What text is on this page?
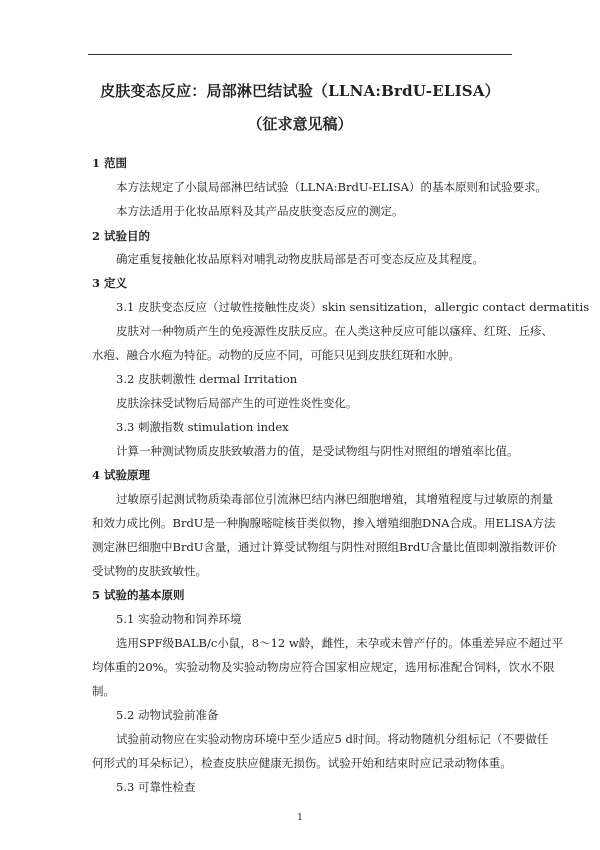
皮肤变态反应：局部淋巴结试验（LLNA:BrdU-ELISA）
（征求意见稿）
1 范围
本方法规定了小鼠局部淋巴结试验（LLNA:BrdU-ELISA）的基本原则和试验要求。
本方法适用于化妆品原料及其产品皮肤变态反应的测定。
2 试验目的
确定重复接触化妆品原料对哺乳动物皮肤局部是否可变态反应及其程度。
3 定义
3.1 皮肤变态反应（过敏性接触性皮炎）skin sensitization，allergic contact dermatitis
皮肤对一种物质产生的免疫源性皮肤反应。在人类这种反应可能以瘙痒、红斑、丘疹、
水疱、融合水疱为特征。动物的反应不同，可能只见到皮肤红斑和水肿。
3.2 皮肤刺激性 dermal Irritation
皮肤涂抹受试物后局部产生的可逆性炎性变化。
3.3 刺激指数 stimulation index
计算一种测试物质皮肤致敏潜力的值，是受试物组与阴性对照组的增殖率比值。
4 试验原理
过敏原引起测试物质染毒部位引流淋巴结内淋巴细胞增殖，其增殖程度与过敏原的剂量
和效力成比例。BrdU是一种胸腺嘧啶核苷类似物，掺入增殖细胞DNA合成。用ELISA方法
测定淋巴细胞中BrdU含量，通过计算受试物组与阴性对照组BrdU含量比值即刺激指数评价
受试物的皮肤致敏性。
5 试验的基本原则
5.1 实验动物和饲养环境
选用SPF级BALB/c小鼠，8～12 w龄，雌性，未孕或未曾产仔的。体重差异应不超过平
均体重的20%。实验动物及实验动物房应符合国家相应规定，选用标准配合饲料，饮水不限
制。
5.2 动物试验前准备
试验前动物应在实验动物房环境中至少适应5 d时间。将动物随机分组标记（不要做任
何形式的耳朵标记），检查皮肤应健康无损伤。试验开始和结束时应记录动物体重。
5.3 可靠性检查
1
